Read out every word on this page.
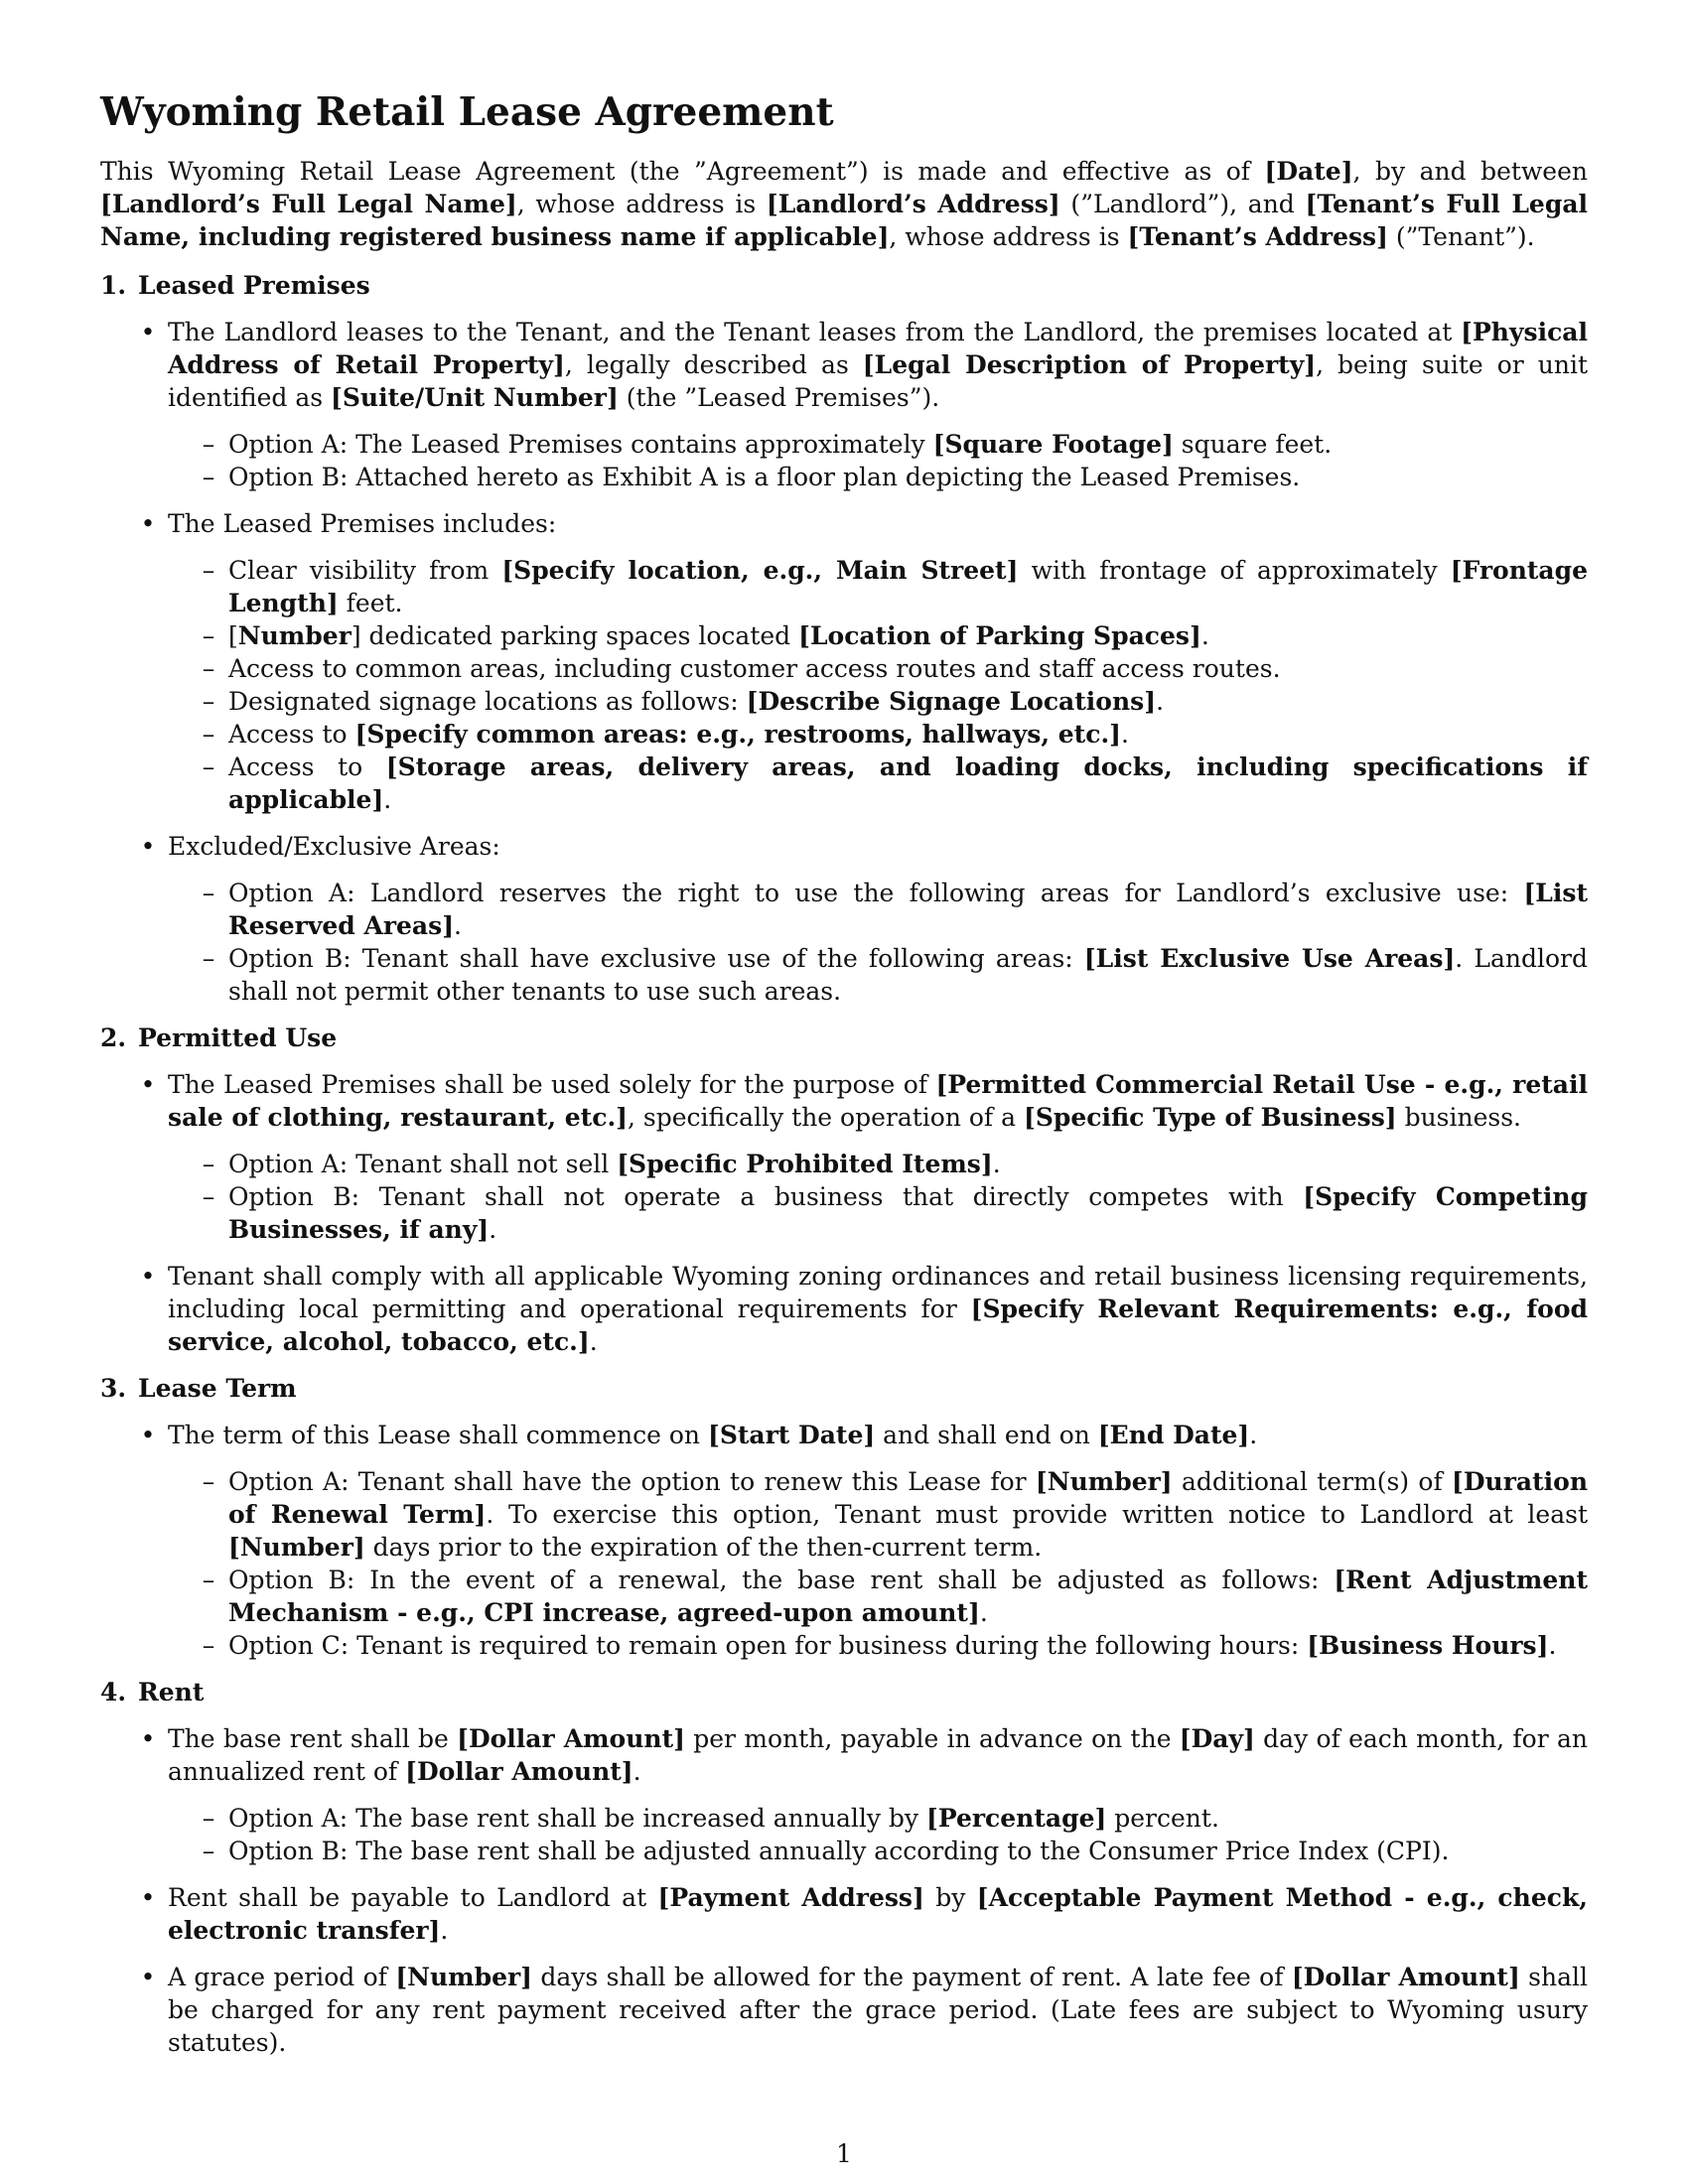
Wyoming Retail Lease Agreement

This Wyoming Retail Lease Agreement (the ”Agreement”) is made and effective as of [Date], by and between [Landlord’s Full Legal Name], whose address is [Landlord’s Address] (”Landlord”), and [Tenant’s Full Legal Name, including registered business name if applicable], whose address is [Tenant’s Address] (”Tenant”).

1. Leased Premises
• The Landlord leases to the Tenant, and the Tenant leases from the Landlord, the premises located at [Physical Address of Retail Property], legally described as [Legal Description of Property], being suite or unit identified as [Suite/Unit Number] (the ”Leased Premises”).
– Option A: The Leased Premises contains approximately [Square Footage] square feet.
– Option B: Attached hereto as Exhibit A is a floor plan depicting the Leased Premises.
• The Leased Premises includes:
– Clear visibility from [Specify location, e.g., Main Street] with frontage of approximately [Frontage Length] feet.
– [Number] dedicated parking spaces located [Location of Parking Spaces].
– Access to common areas, including customer access routes and staff access routes.
– Designated signage locations as follows: [Describe Signage Locations].
– Access to [Specify common areas: e.g., restrooms, hallways, etc.].
– Access to [Storage areas, delivery areas, and loading docks, including specifications if applicable].
• Excluded/Exclusive Areas:
– Option A: Landlord reserves the right to use the following areas for Landlord’s exclusive use: [List Reserved Areas].
– Option B: Tenant shall have exclusive use of the following areas: [List Exclusive Use Areas]. Landlord shall not permit other tenants to use such areas.
2. Permitted Use
• The Leased Premises shall be used solely for the purpose of [Permitted Commercial Retail Use - e.g., retail sale of clothing, restaurant, etc.], specifically the operation of a [Specific Type of Business] business.
– Option A: Tenant shall not sell [Specific Prohibited Items].
– Option B: Tenant shall not operate a business that directly competes with [Specify Competing Businesses, if any].
• Tenant shall comply with all applicable Wyoming zoning ordinances and retail business licensing requirements, including local permitting and operational requirements for [Specify Relevant Requirements: e.g., food service, alcohol, tobacco, etc.].
3. Lease Term
• The term of this Lease shall commence on [Start Date] and shall end on [End Date].
– Option A: Tenant shall have the option to renew this Lease for [Number] additional term(s) of [Duration of Renewal Term]. To exercise this option, Tenant must provide written notice to Landlord at least [Number] days prior to the expiration of the then-current term.
– Option B: In the event of a renewal, the base rent shall be adjusted as follows: [Rent Adjustment Mechanism - e.g., CPI increase, agreed-upon amount].
– Option C: Tenant is required to remain open for business during the following hours: [Business Hours].
4. Rent
• The base rent shall be [Dollar Amount] per month, payable in advance on the [Day] day of each month, for an annualized rent of [Dollar Amount].
– Option A: The base rent shall be increased annually by [Percentage] percent.
– Option B: The base rent shall be adjusted annually according to the Consumer Price Index (CPI).
• Rent shall be payable to Landlord at [Payment Address] by [Acceptable Payment Method - e.g., check, electronic transfer].
• A grace period of [Number] days shall be allowed for the payment of rent. A late fee of [Dollar Amount] shall be charged for any rent payment received after the grace period. (Late fees are subject to Wyoming usury statutes).
1
